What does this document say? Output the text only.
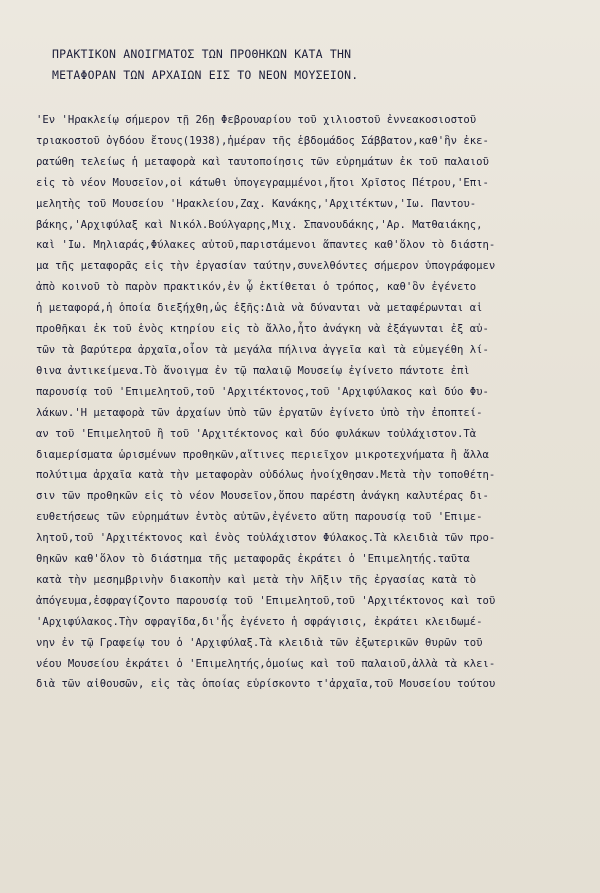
ΠΡΑΚΤΙΚΟΝ ΑΝΟΙΓΜΑΤΟΣ ΤΩΝ ΠΡΟΘΗΚΩΝ ΚΑΤΑ ΤΗΝ
ΜΕΤΑΦΟΡΑΝ ΤΩΝ ΑΡΧΑΙΩΝ ΕΙΣ ΤΟ ΝΕΟΝ ΜΟΥΣΕΙΟΝ.
'Εν 'Ηρακλείῳ σήμερον τῇ 26ῃ Φεβρουαρίου τοῦ χιλιοστοῦ ἐννεακοσιοστοῦ
τριακοστοῦ ὀγδόου ἔτους(1938),ἡμέραν τῆς ἑβδομάδος Σάββατον,καθ'ἣν ἐκε-
ρατώθη τελείως ἡ μεταφορὰ καὶ ταυτοποίησις τῶν εὑρημάτων ἐκ τοῦ παλαιοῦ
εἰς τὸ νέον Μουσεῖον,οἱ κάτωθι ὑπογεγραμμένοι,ἤτοι Χρῖστος Πέτρου,'Επι-
μελητὴς τοῦ Μουσείου 'Ηρακλείου,Ζαχ. Κανάκης,'Αρχιτέκτων,'Ιω. Παντου-
βάκης,'Αρχιφύλαξ καὶ Νικόλ.Βούλγαρης,Μιχ. Σπανουδάκης,'Αρ. Ματθαιάκης,
καὶ 'Ιω. Μηλιαράς,Φύλακες αὐτοῦ,παριστάμενοι ἅπαντες καθ'ὅλον τὸ διάστη-
μα τῆς μεταφορᾶς εἰς τὴν ἐργασίαν ταύτην,συνελθόντες σήμερον ὑπογράφομεν
ἀπὸ κοινοῦ τὸ παρὸν πρακτικόν,ἐν ᾧ ἐκτίθεται ὁ τρόπος, καθ'ὃν ἐγένετο
ἡ μεταφορά,ἡ ὁποία διεξήχθη,ὡς ἑξῆς:Διὰ νὰ δύνανται νὰ μεταφέρωνται αἱ
προθῆκαι ἐκ τοῦ ἑνὸς κτηρίου εἰς τὸ ἄλλο,ἦτο ἀνάγκη νὰ ἐξάγωνται ἐξ αὐ-
τῶν τὰ βαρύτερα ἀρχαῖα,οἷον τὰ μεγάλα πήλινα ἀγγεῖα καὶ τὰ εὐμεγέθη λί-
θινα ἀντικείμενα.Τὸ ἄνοιγμα ἐν τῷ παλαιῷ Μουσείῳ ἐγίνετο πάντοτε ἐπὶ
παρουσίᾳ τοῦ 'Επιμελητοῦ,τοῦ 'Αρχιτέκτονος,τοῦ 'Αρχιφύλακος καὶ δύο Φυ-
λάκων.'Η μεταφορὰ τῶν ἀρχαίων ὑπὸ τῶν ἐργατῶν ἐγίνετο ὑπὸ τὴν ἐποπτεί-
αν τοῦ 'Επιμελητοῦ ἢ τοῦ 'Αρχιτέκτονος καὶ δύο φυλάκων τοὐλάχιστον.Τὰ
διαμερίσματα ὡρισμένων προθηκῶν,αἵτινες περιεῖχον μικροτεχνήματα ἢ ἄλλα
πολύτιμα ἀρχαῖα κατὰ τὴν μεταφορὰν οὐδόλως ἠνοίχθησαν.Μετὰ τὴν τοποθέτη-
σιν τῶν προθηκῶν εἰς τὸ νέον Μουσεῖον,ὅπου παρέστη ἀνάγκη καλυτέρας δι-
ευθετήσεως τῶν εὑρημάτων ἐντὸς αὐτῶν,ἐγένετο αὕτη παρουσίᾳ τοῦ 'Επιμε-
λητοῦ,τοῦ 'Αρχιτέκτονος καὶ ἑνὸς τοὐλάχιστον Φύλακος.Τὰ κλειδιὰ τῶν προ-
θηκῶν καθ'ὅλον τὸ διάστημα τῆς μεταφορᾶς ἐκράτει ὁ 'Επιμελητής.ταῦτα
κατὰ τὴν μεσημβρινὴν διακοπὴν καὶ μετὰ τὴν λῆξιν τῆς ἐργασίας κατὰ τὸ
ἀπόγευμα,ἐσφραγίζοντο παρουσίᾳ τοῦ 'Επιμελητοῦ,τοῦ 'Αρχιτέκτονος καὶ τοῦ
'Αρχιφύλακος.Τὴν σφραγῖδα,δι'ἧς ἐγένετο ἡ σφράγισις, ἐκράτει κλειδωμέ-
νην ἐν τῷ Γραφείῳ του ὁ 'Αρχιφύλαξ.Τὰ κλειδιὰ τῶν ἐξωτερικῶν θυρῶν τοῦ
νέου Μουσείου ἐκράτει ὁ 'Επιμελητής,ὁμοίως καὶ τοῦ παλαιοῦ,ἀλλὰ τὰ κλει-
διὰ τῶν αἰθουσῶν, εἰς τὰς ὁποίας εὑρίσκοντο τ'ἀρχαῖα,τοῦ Μουσείου τούτου
